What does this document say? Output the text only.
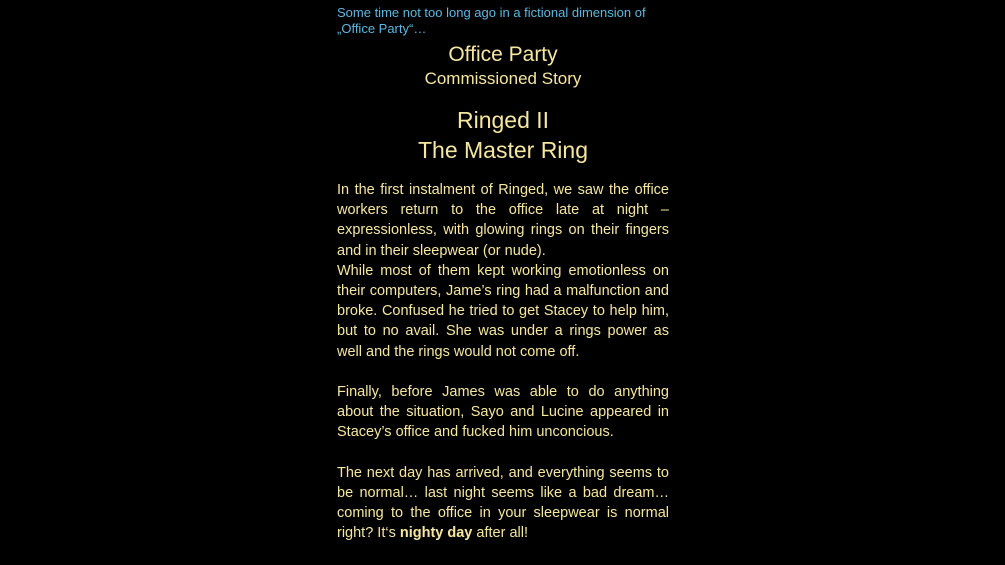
Some time not too long ago in a fictional dimension of „Office Party“…

Office Party
Commissioned Story
Ringed II
The Master Ring

In the first instalment of Ringed, we saw the office workers return to the office late at night – expressionless, with glowing rings on their fingers and in their sleepwear (or nude).

While most of them kept working emotionless on their computers, Jame’s ring had a malfunction and broke. Confused he tried to get Stacey to help him, but to no avail. She was under a rings power as well and the rings would not come off.

Finally, before James was able to do anything about the situation, Sayo and Lucine appeared in Stacey’s office and fucked him unconcious.

The next day has arrived, and everything seems to be normal… last night seems like a bad dream… coming to the office in your sleepwear is normal right? It‘s nighty day after all!
